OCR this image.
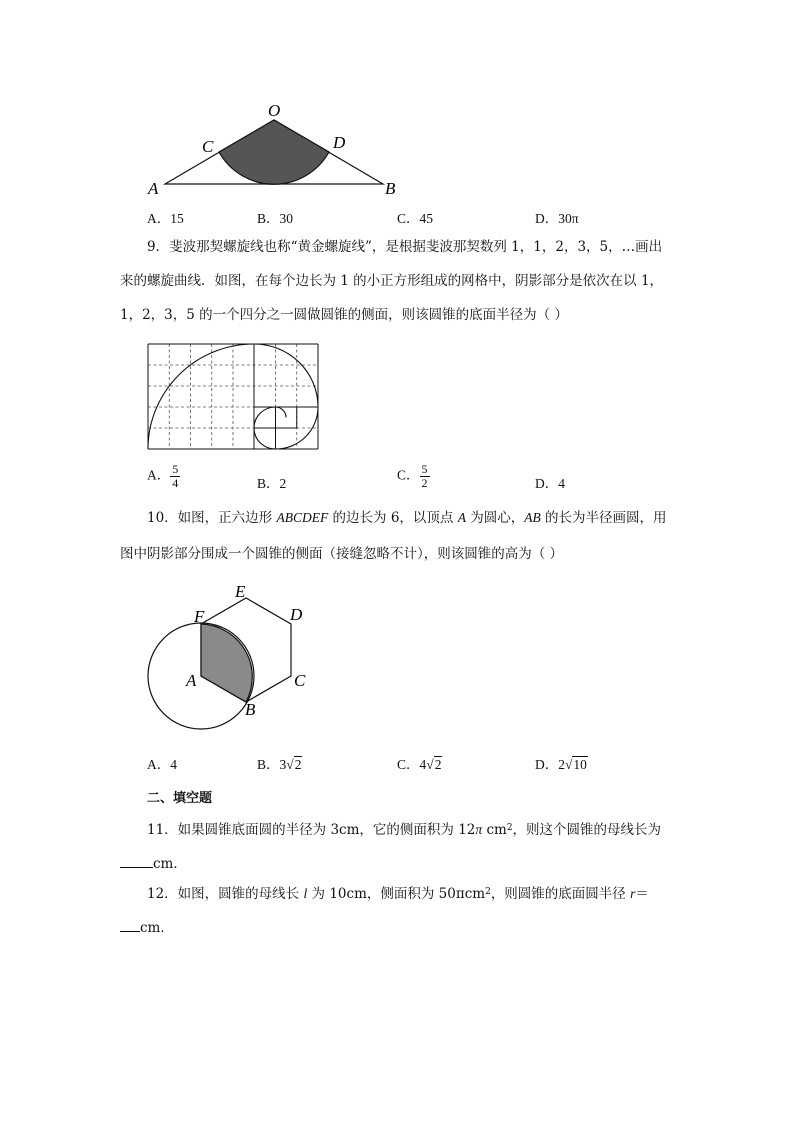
O
C	D
A	B
A．15	B．30	C．45	D．30π
9．斐波那契螺旋线也称“黄金螺旋线”，是根据斐波那契数列 1，1，2，3，5，…画出
来的螺旋曲线．如图，在每个边长为 1 的小正方形组成的网格中，阴影部分是依次在以 1，
1，2，3，5 的一个四分之一圆做圆锥的侧面，则该圆锥的底面半径为（ ）
A． $\frac{5}{4}$	B．2
C． $\frac{5}{2}$	D．4
10．如图，正六边形 ABCDEF 的边长为 6，以顶点 A 为圆心，AB 的长为半径画圆，用
图中阴影部分围成一个圆锥的侧面（接缝忽略不计），则该圆锥的高为（ ）
E
F	D
A	C
B
A．4	B．3√2	C．4√2	D．2√10
二、填空题
11．如果圆锥底面圆的半径为 3cm，它的侧面积为 12π $cm^2$，则这个圆锥的母线长为
cm．
12．如图，圆锥的母线长 l 为 10cm，侧面积为 50πcm$^2$，则圆锥的底面圆半径 r＝
cm．
